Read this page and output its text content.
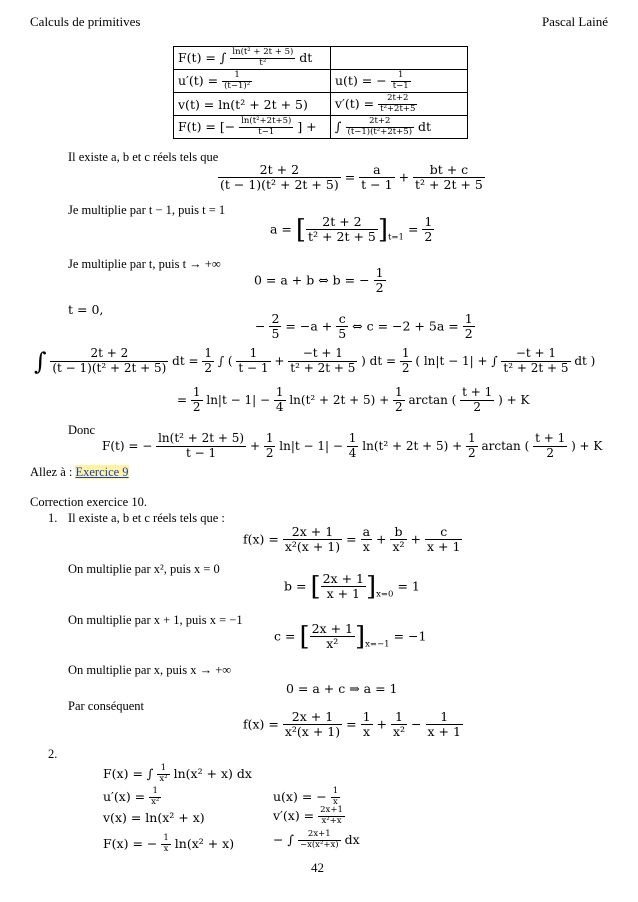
Calculs de primitives	Pascal Lainé
F(t) = ∫ $\frac{\text{ln(t² + 2t + 5)}}{\text{t²}}$ dt	
$u'(t) = \frac{1}{\text{(t−1)²}}$	u(t) = − $\frac{1}{t-1}$

v(t) = ln(t² + 2t + 5)	$v'(t) = \frac{2t+2}{\text{t²+2t+5}}$

F(t) = [− $\frac{\text{ln(t²+2t+5)}}{t-1}$ ] +	∫ $\frac{2t+2}{\text{(t−1)(t²+2t+5)}}$ dt
Il existe a, b et c réels tels que
$\frac{2t + 2}{\text{(t − 1)(t² + 2t + 5)}} = \frac{a}{t - 1} + \frac{bt + c}{\text{t² + 2t + 5}}$
Je multiplie par t − 1, puis t = 1
a = [ $\frac{2t + 2}{\text{t² + 2t + 5}} ]_{t=1} = \frac{1}{2}$
Je multiplie par t, puis t → +∞
0 = a + b ⇔ b = − $\frac{1}{2}$
t = 0,
− $\frac{2}{5} = -a + \frac{c}{5}$ ⇔ $c = -2 + 5a = \frac{1}{2}$
∫ $\frac{2t + 2}{\text{(t − 1)(t² + 2t + 5)}}$ dt = $\frac{1}{2}$ ∫ ( $\frac{1}{t - 1} + \frac{-t + 1}{\text{t² + 2t + 5}}$ ) dt = $\frac{1}{2}$ ( ln|t − 1| + ∫ $\frac{-t + 1}{\text{t² + 2t + 5}}$ dt )
= $\frac{1}{2} \ln|t - 1| - \frac{1}{4} \ln(t^2 + 2t + 5) + \frac{1}{2}$ arctan ( $\frac{t + 1}{2}$ ) + K
Donc
F(t) = − $\frac{\text{ln(t² + 2t + 5)}}{t - 1} + \frac{1}{2} \ln|t - 1| - \frac{1}{4} \ln(t^2 + 2t + 5) + \frac{1}{2}$ arctan ( $\frac{t + 1}{2}$ ) + K
Allez à : Exercice 9
Correction exercice 10.
1. Il existe a, b et c réels tels que :
$f(x) = \frac{2x + 1}{\text{x²(x + 1)}} = \frac{a}{x} + \frac{b}{\text{x²}} + \frac{c}{x + 1}$
On multiplie par x², puis x = 0
b = [ $\frac{2x + 1}{x + 1} ]_{x=0} = 1$
On multiplie par x + 1, puis x = −1
c = [ $\frac{2x + 1}{\text{x²}} ]_{x=-1} = -1$
On multiplie par x, puis x → +∞
0 = a + c ⇒ a = 1
Par conséquent
$f(x) = \frac{2x + 1}{\text{x²(x + 1)}} = \frac{1}{x} + \frac{1}{\text{x²}} - \frac{1}{x + 1}$
2.
F(x) = ∫ $\frac{1}{\text{x²}} \ln(x^2 + x)$ dx
$u'(x) = \frac{1}{\text{x²}}$	u(x) = − $\frac{1}{x}$
v(x) = ln(x² + x)	$v'(x) = \frac{2x+1}{\text{x²+x}}$
F(x) = − $\frac{1}{x} \ln(x^2 + x)$	− ∫ $\frac{2x+1}{\text{−x(x²+x)}}$ dx
42
